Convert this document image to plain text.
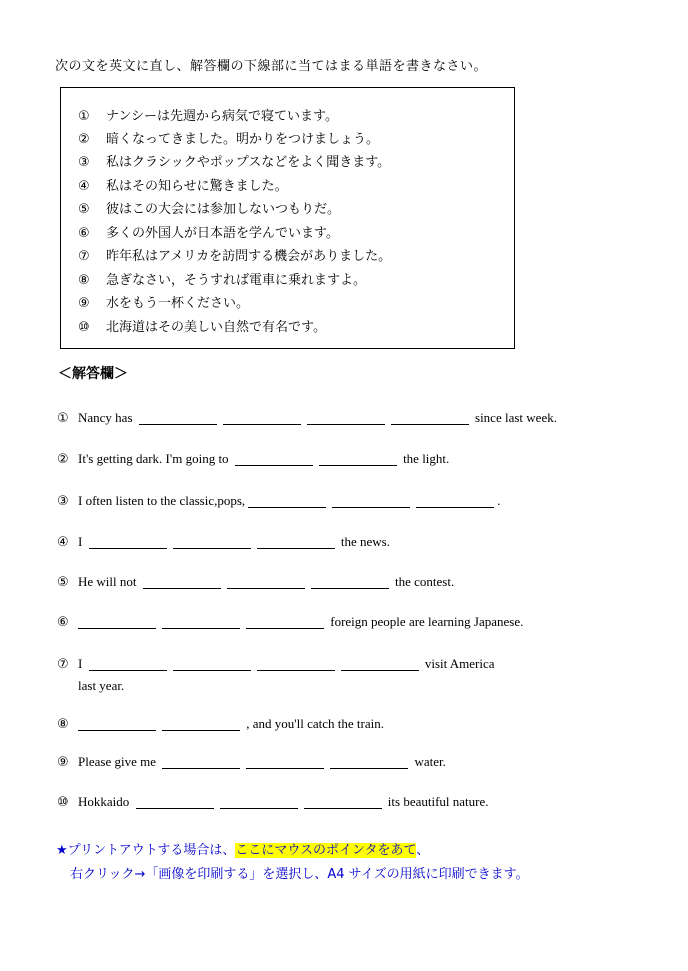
次の文を英文に直し、解答欄の下線部に当てはまる単語を書きなさい。
① ナンシーは先週から病気で寝ています。
② 暗くなってきました。明かりをつけましょう。
③ 私はクラシックやポップスなどをよく聞きます。
④ 私はその知らせに驚きました。
⑤ 彼はこの大会には参加しないつもりだ。
⑥ 多くの外国人が日本語を学んでいます。
⑦ 昨年私はアメリカを訪問する機会がありました。
⑧ 急ぎなさい，そうすれば電車に乗れますよ。
⑨ 水をもう一杯ください。
⑩ 北海道はその美しい自然で有名です。
＜解答欄＞
① Nancy has	since last week.
② It's getting dark. I'm going to	the light.
③ I often listen to the classic,pops,	.
④ I	the news.
⑤ He will not	the contest.
⑥	foreign people are learning Japanese.
⑦ I	visit America
last year.
⑧	, and you'll catch the train.
⑨ Please give me	water.
⑩ Hokkaido	its beautiful nature.
★プリントアウトする場合は、ここにマウスのポインタをあて、
右クリック→「画像を印刷する」を選択し、A4 サイズの用紙に印刷できます。
